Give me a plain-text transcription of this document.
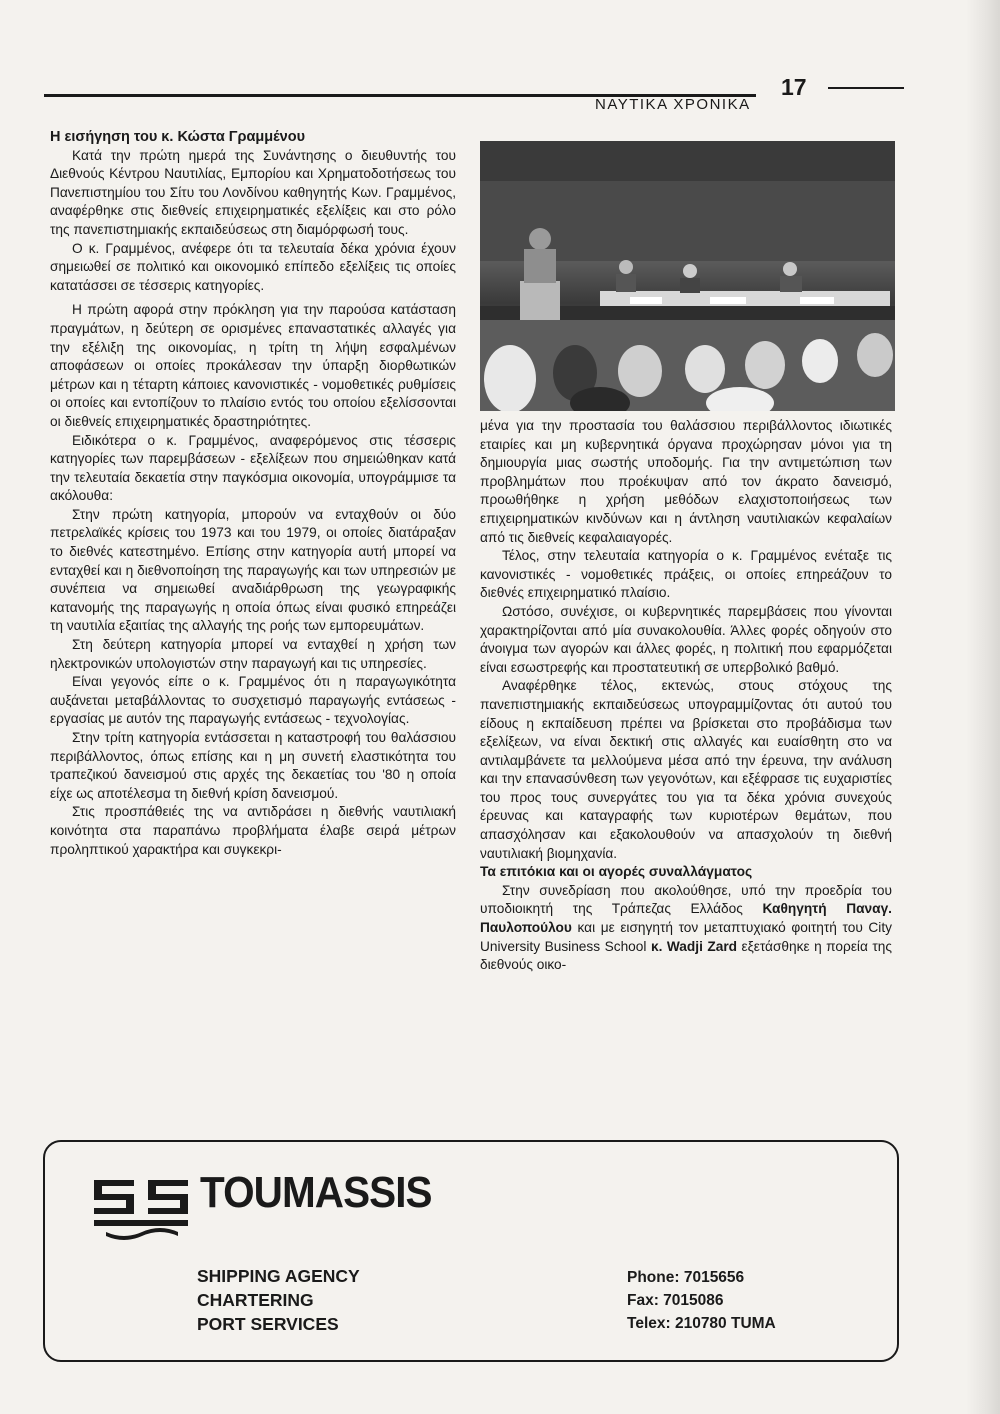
ΝΑΥΤΙΚΑ ΧΡΟΝΙΚΑ
17

Η εισήγηση του κ. Κώστα Γραμμένου

Κατά την πρώτη ημερά της Συνάντησης ο διευθυντής του Διεθνούς Κέντρου Ναυτιλίας, Εμπορίου και Χρηματοδοτήσεως του Πανεπιστημίου του Σίτυ του Λονδίνου καθηγητής Κων. Γραμμένος, αναφέρθηκε στις διεθνείς επιχειρηματικές εξελίξεις και στο ρόλο της πανεπιστημιακής εκπαιδεύσεως στη διαμόρφωσή τους.

Ο κ. Γραμμένος, ανέφερε ότι τα τελευταία δέκα χρόνια έχουν σημειωθεί σε πολιτικό και οικονομικό επίπεδο εξελίξεις τις οποίες κατατάσσει σε τέσσερις κατηγορίες.

Η πρώτη αφορά στην πρόκληση για την παρούσα κατάσταση πραγμάτων, η δεύτερη σε ορισμένες επαναστατικές αλλαγές για την εξέλιξη της οικονομίας, η τρίτη τη λήψη εσφαλμένων αποφάσεων οι οποίες προκάλεσαν την ύπαρξη διορθωτικών μέτρων και η τέταρτη κάποιες κανονιστικές - νομοθετικές ρυθμίσεις οι οποίες και εντοπίζουν το πλαίσιο εντός του οποίου εξελίσσονται οι διεθνείς επιχειρηματικές δραστηριότητες.

Ειδικότερα ο κ. Γραμμένος, αναφερόμενος στις τέσσερις κατηγορίες των παρεμβάσεων - εξελίξεων που σημειώθηκαν κατά την τελευταία δεκαετία στην παγκόσμια οικονομία, υπογράμμισε τα ακόλουθα:

Στην πρώτη κατηγορία, μπορούν να ενταχθούν οι δύο πετρελαϊκές κρίσεις του 1973 και του 1979, οι οποίες διατάραξαν το διεθνές κατεστημένο. Επίσης στην κατηγορία αυτή μπορεί να ενταχθεί και η διεθνοποίηση της παραγωγής και των υπηρεσιών με συνέπεια να σημειωθεί αναδιάρθρωση της γεωγραφικής κατανομής της παραγωγής η οποία όπως είναι φυσικό επηρεάζει τη ναυτιλία εξαιτίας της αλλαγής της ροής των εμπορευμάτων.

Στη δεύτερη κατηγορία μπορεί να ενταχθεί η χρήση των ηλεκτρονικών υπολογιστών στην παραγωγή και τις υπηρεσίες.

Είναι γεγονός είπε ο κ. Γραμμένος ότι η παραγωγικότητα αυξάνεται μεταβάλλοντας το συσχετισμό παραγωγής εντάσεως - εργασίας με αυτόν της παραγωγής εντάσεως - τεχνολογίας.

Στην τρίτη κατηγορία εντάσσεται η καταστροφή του θαλάσσιου περιβάλλοντος, όπως επίσης και η μη συνετή ελαστικότητα του τραπεζικού δανεισμού στις αρχές της δεκαετίας του '80 η οποία είχε ως αποτέλεσμα τη διεθνή κρίση δανεισμού.

Στις προσπάθειές της να αντιδράσει η διεθνής ναυτιλιακή κοινότητα στα παραπάνω προβλήματα έλαβε σειρά μέτρων προληπτικού χαρακτήρα και συγκεκρι-

μένα για την προστασία του θαλάσσιου περιβάλλοντος ιδιωτικές εταιρίες και μη κυβερνητικά όργανα προχώρησαν μόνοι για τη δημιουργία μιας σωστής υποδομής. Για την αντιμετώπιση των προβλημάτων που προέκυψαν από τον άκρατο δανεισμό, προωθήθηκε η χρήση μεθόδων ελαχιστοποιήσεως των επιχειρηματικών κινδύνων και η άντληση ναυτιλιακών κεφαλαίων από τις διεθνείς κεφαλαιαγορές.

Τέλος, στην τελευταία κατηγορία ο κ. Γραμμένος ενέταξε τις κανονιστικές - νομοθετικές πράξεις, οι οποίες επηρεάζουν το διεθνές επιχειρηματικό πλαίσιο.

Ωστόσο, συνέχισε, οι κυβερνητικές παρεμβάσεις που γίνονται χαρακτηρίζονται από μία συνακολουθία. Άλλες φορές οδηγούν στο άνοιγμα των αγορών και άλλες φορές, η πολιτική που εφαρμόζεται είναι εσωστρεφής και προστατευτική σε υπερβολικό βαθμό.

Αναφέρθηκε τέλος, εκτενώς, στους στόχους της πανεπιστημιακής εκπαιδεύσεως υπογραμμίζοντας ότι αυτού του είδους η εκπαίδευση πρέπει να βρίσκεται στο προβάδισμα των εξελίξεων, να είναι δεκτική στις αλλαγές και ευαίσθητη στο να αντιλαμβάνετε τα μελλούμενα μέσα από την έρευνα, την ανάλυση και την επανασύνθεση των γεγονότων, και εξέφρασε τις ευχαριστίες του προς τους συνεργάτες του για τα δέκα χρόνια συνεχούς έρευνας και καταγραφής των κυριοτέρων θεμάτων, που απασχόλησαν και εξακολουθούν να απασχολούν τη διεθνή ναυτιλιακή βιομηχανία.

Τα επιτόκια και οι αγορές συναλλάγματος

Στην συνεδρίαση που ακολούθησε, υπό την προεδρία του υποδιοικητή της Τράπεζας Ελλάδος Καθηγητή Παναγ. Παυλοπούλου και με εισηγητή τον μεταπτυχιακό φοιτητή του City University Business School κ. Wadji Zard εξετάσθηκε η πορεία της διεθνούς οικο-

TOUMASSIS
SHIPPING AGENCY
CHARTERING
PORT SERVICES
Phone: 7015656
Fax: 7015086
Telex: 210780 TUMA
